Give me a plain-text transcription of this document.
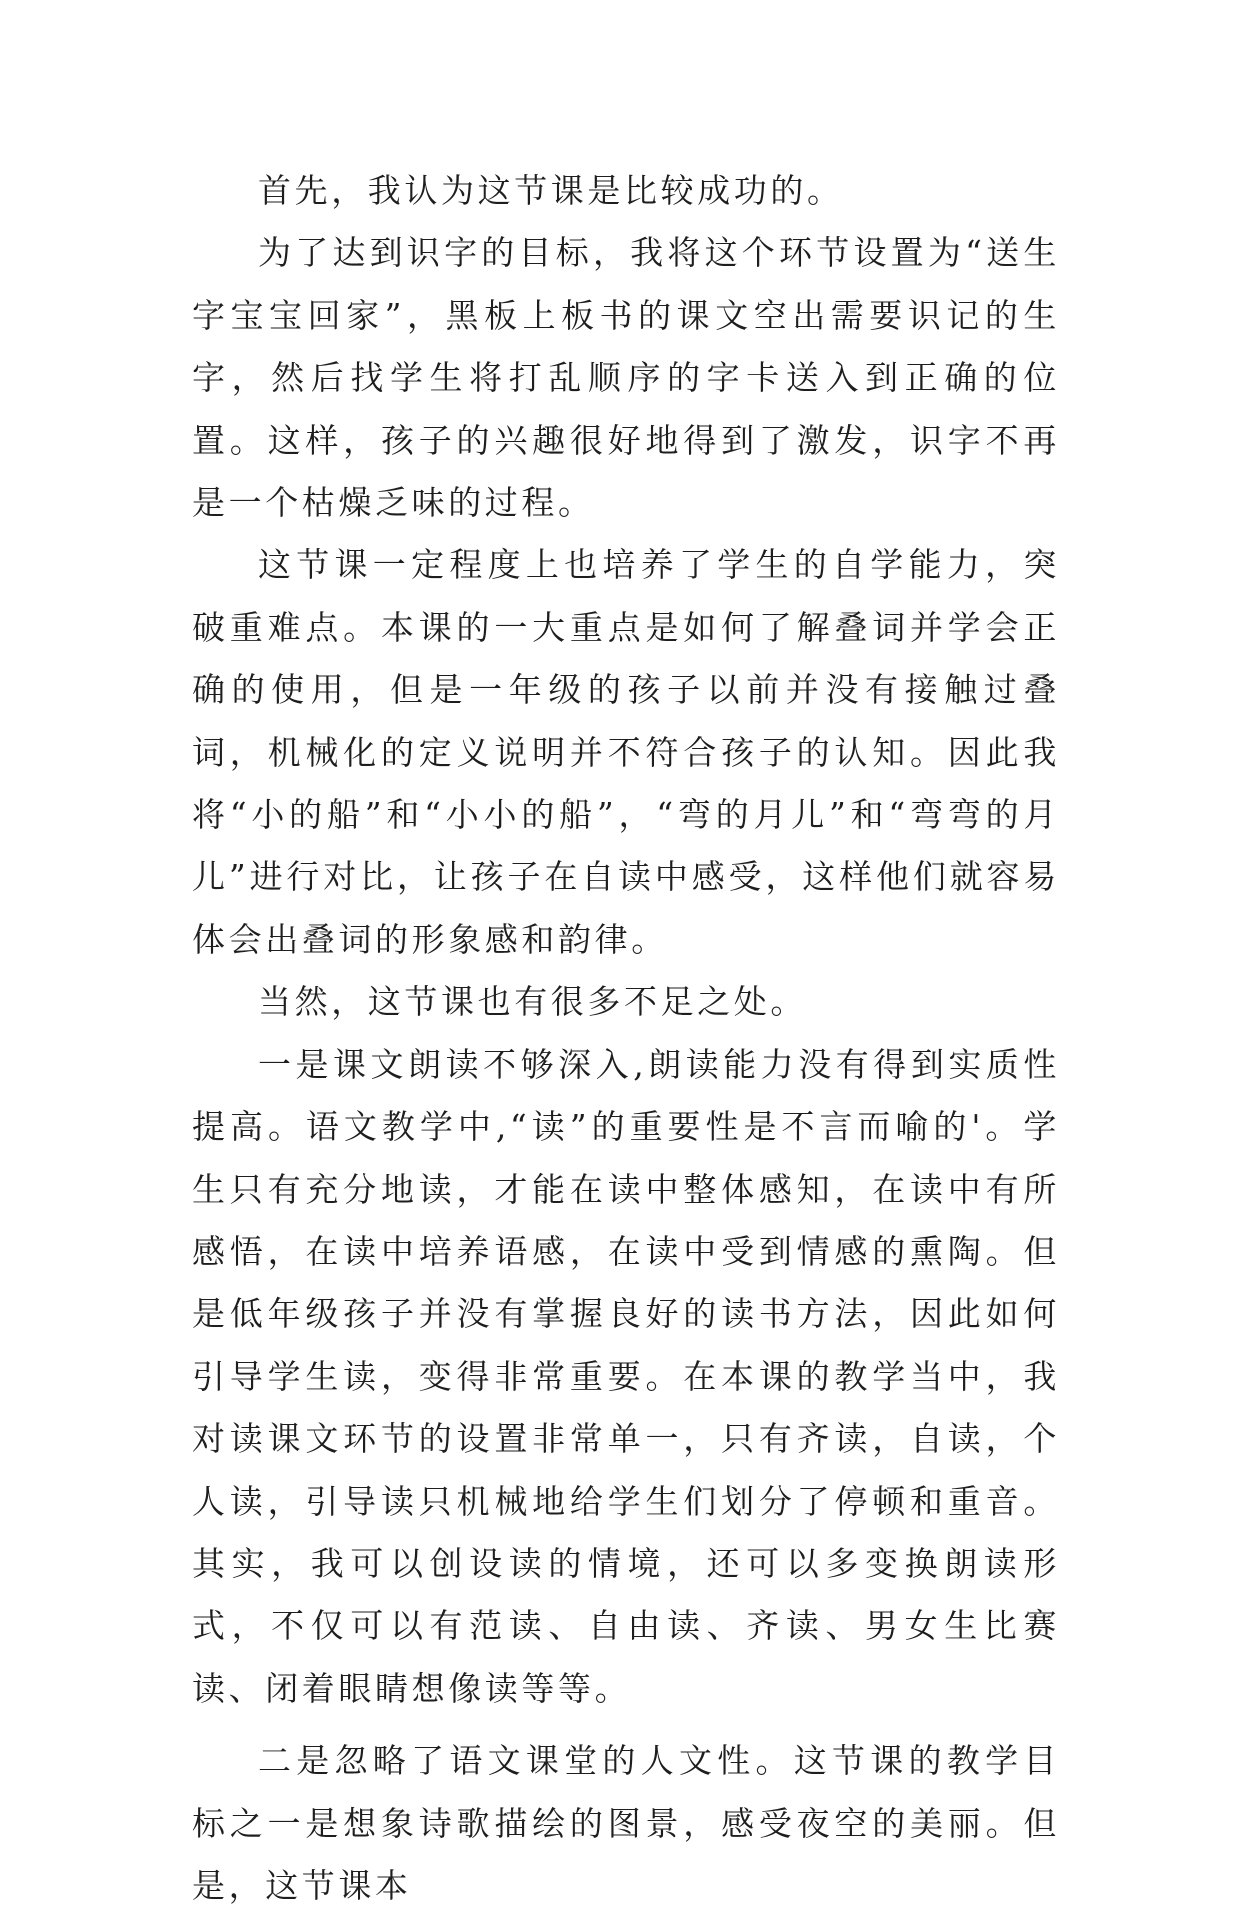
首先，我认为这节课是比较成功的。

为了达到识字的目标，我将这个环节设置为“送生字宝宝回家”，黑板上板书的课文空出需要识记的生字，然后找学生将打乱顺序的字卡送入到正确的位置。这样，孩子的兴趣很好地得到了激发，识字不再是一个枯燥乏味的过程。

这节课一定程度上也培养了学生的自学能力，突破重难点。本课的一大重点是如何了解叠词并学会正确的使用，但是一年级的孩子以前并没有接触过叠词，机械化的定义说明并不符合孩子的认知。因此我将“小的船”和“小小的船”，“弯的月儿”和“弯弯的月儿”进行对比，让孩子在自读中感受，这样他们就容易体会出叠词的形象感和韵律。

当然，这节课也有很多不足之处。

一是课文朗读不够深入,朗读能力没有得到实质性提高。语文教学中,“读”的重要性是不言而喻的'。学生只有充分地读，才能在读中整体感知，在读中有所感悟，在读中培养语感，在读中受到情感的熏陶。但是低年级孩子并没有掌握良好的读书方法，因此如何引导学生读，变得非常重要。在本课的教学当中，我对读课文环节的设置非常单一，只有齐读，自读，个人读，引导读只机械地给学生们划分了停顿和重音。其实，我可以创设读的情境，还可以多变换朗读形式，不仅可以有范读、自由读、齐读、男女生比赛读、闭着眼睛想像读等等。

二是忽略了语文课堂的人文性。这节课的教学目标之一是想象诗歌描绘的图景，感受夜空的美丽。但是，这节课本
